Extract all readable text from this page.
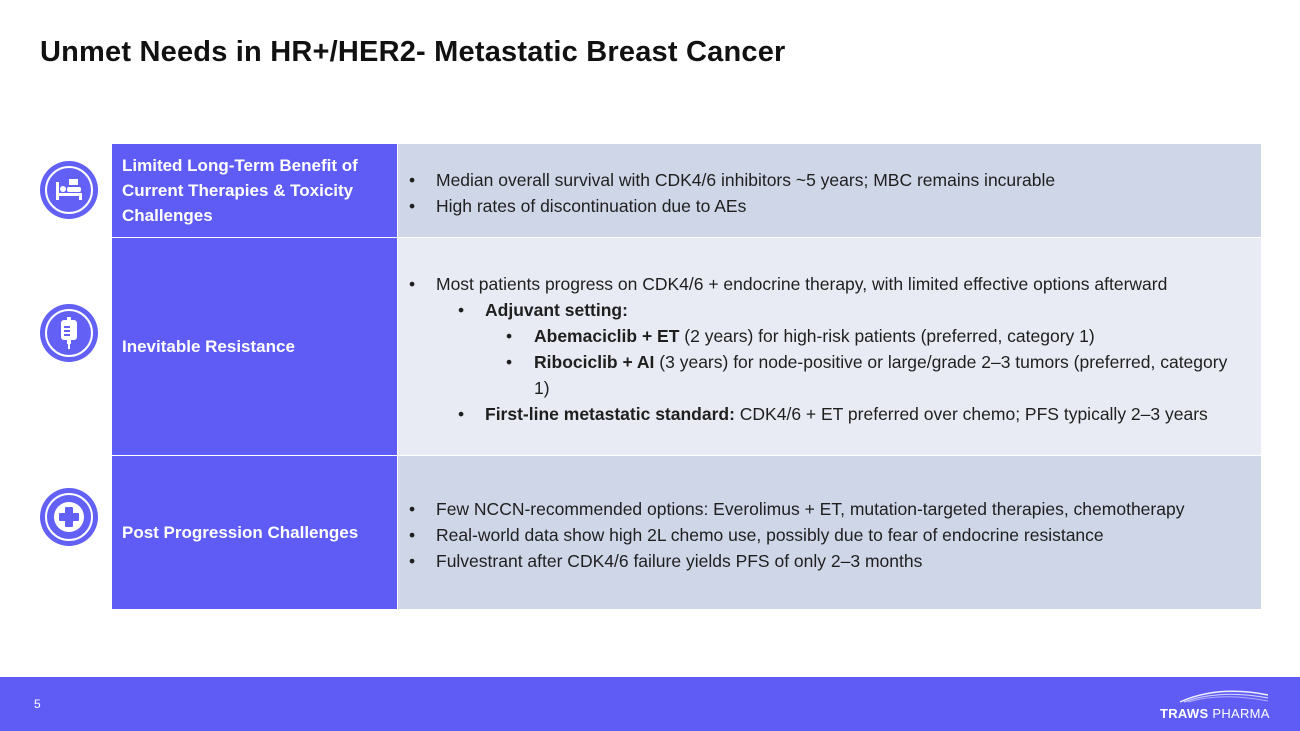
Unmet Needs in HR+/HER2- Metastatic Breast Cancer
Limited Long-Term Benefit of Current Therapies & Toxicity Challenges
• Median overall survival with CDK4/6 inhibitors ~5 years; MBC remains incurable
• High rates of discontinuation due to AEs
Inevitable Resistance
• Most patients progress on CDK4/6 + endocrine therapy, with limited effective options afterward
• Adjuvant setting:
• Abemaciclib + ET (2 years) for high-risk patients (preferred, category 1)
• Ribociclib + AI (3 years) for node-positive or large/grade 2–3 tumors (preferred, category 1)
• First-line metastatic standard: CDK4/6 + ET preferred over chemo; PFS typically 2–3 years
Post Progression Challenges
• Few NCCN-recommended options: Everolimus + ET, mutation-targeted therapies, chemotherapy
• Real-world data show high 2L chemo use, possibly due to fear of endocrine resistance
• Fulvestrant after CDK4/6 failure yields PFS of only 2–3 months
5
TRAWS PHARMA
